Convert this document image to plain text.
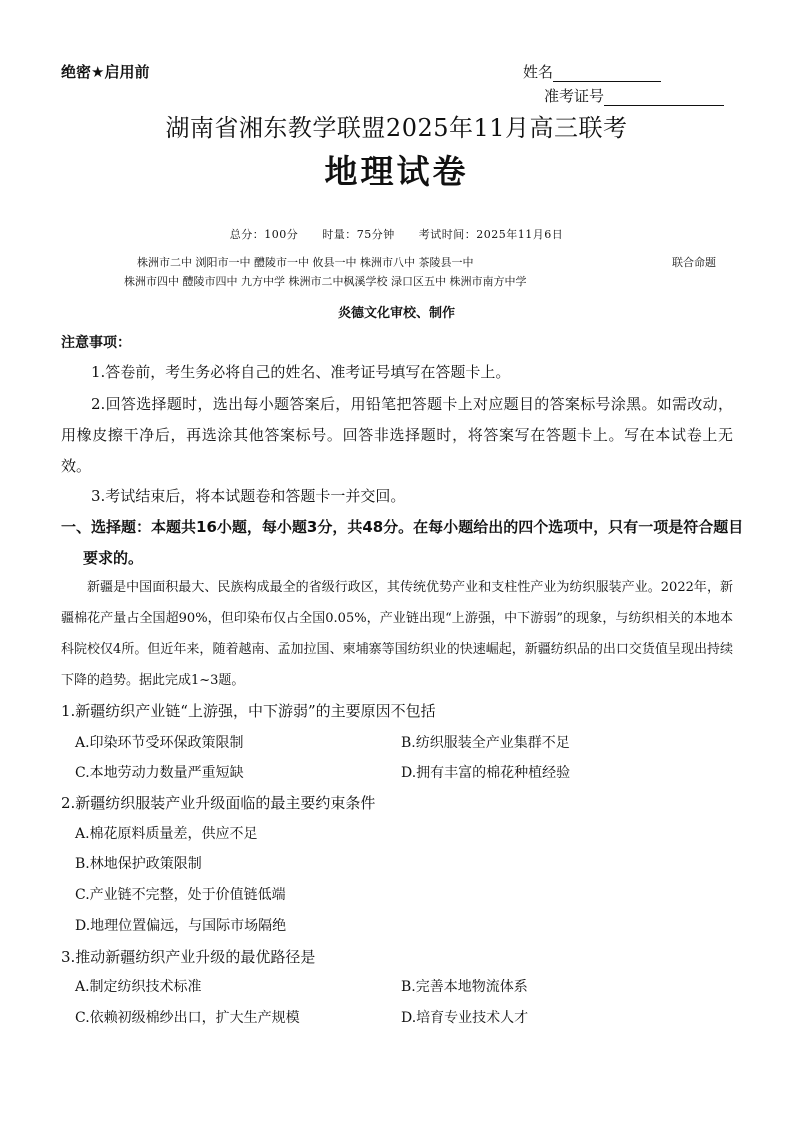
绝密★启用前	姓名
准考证号
湖南省湘东教学联盟2025年11月高三联考
地理试卷
总分：100分 时量：75分钟 考试时间：2025年11月6日
株洲市二中 浏阳市一中 醴陵市一中 攸县一中 株洲市八中 茶陵县一中	联合命题
株洲市四中 醴陵市四中 九方中学 株洲市二中枫溪学校 渌口区五中 株洲市南方中学
炎德文化审校、制作
注意事项：
1.答卷前，考生务必将自己的姓名、准考证号填写在答题卡上。
2.回答选择题时，选出每小题答案后，用铅笔把答题卡上对应题目的答案标号涂黑。如需改动，用橡皮擦干净后，再选涂其他答案标号。回答非选择题时，将答案写在答题卡上。写在本试卷上无效。
3.考试结束后，将本试题卷和答题卡一并交回。
一、选择题：本题共16小题，每小题3分，共48分。在每小题给出的四个选项中，只有一项是符合题目要求的。
新疆是中国面积最大、民族构成最全的省级行政区，其传统优势产业和支柱性产业为纺织服装产业。2022年，新疆棉花产量占全国超90%，但印染布仅占全国0.05%，产业链出现“上游强，中下游弱”的现象，与纺织相关的本地本科院校仅4所。但近年来，随着越南、孟加拉国、柬埔寨等国纺织业的快速崛起，新疆纺织品的出口交货值呈现出持续下降的趋势。据此完成1~3题。
1.新疆纺织产业链“上游强，中下游弱”的主要原因不包括
A.印染环节受环保政策限制	B.纺织服装全产业集群不足
C.本地劳动力数量严重短缺	D.拥有丰富的棉花种植经验
2.新疆纺织服装产业升级面临的最主要约束条件
A.棉花原料质量差，供应不足
B.林地保护政策限制
C.产业链不完整，处于价值链低端
D.地理位置偏远，与国际市场隔绝
3.推动新疆纺织产业升级的最优路径是
A.制定纺织技术标准	B.完善本地物流体系
C.依赖初级棉纱出口，扩大生产规模	D.培育专业技术人才
